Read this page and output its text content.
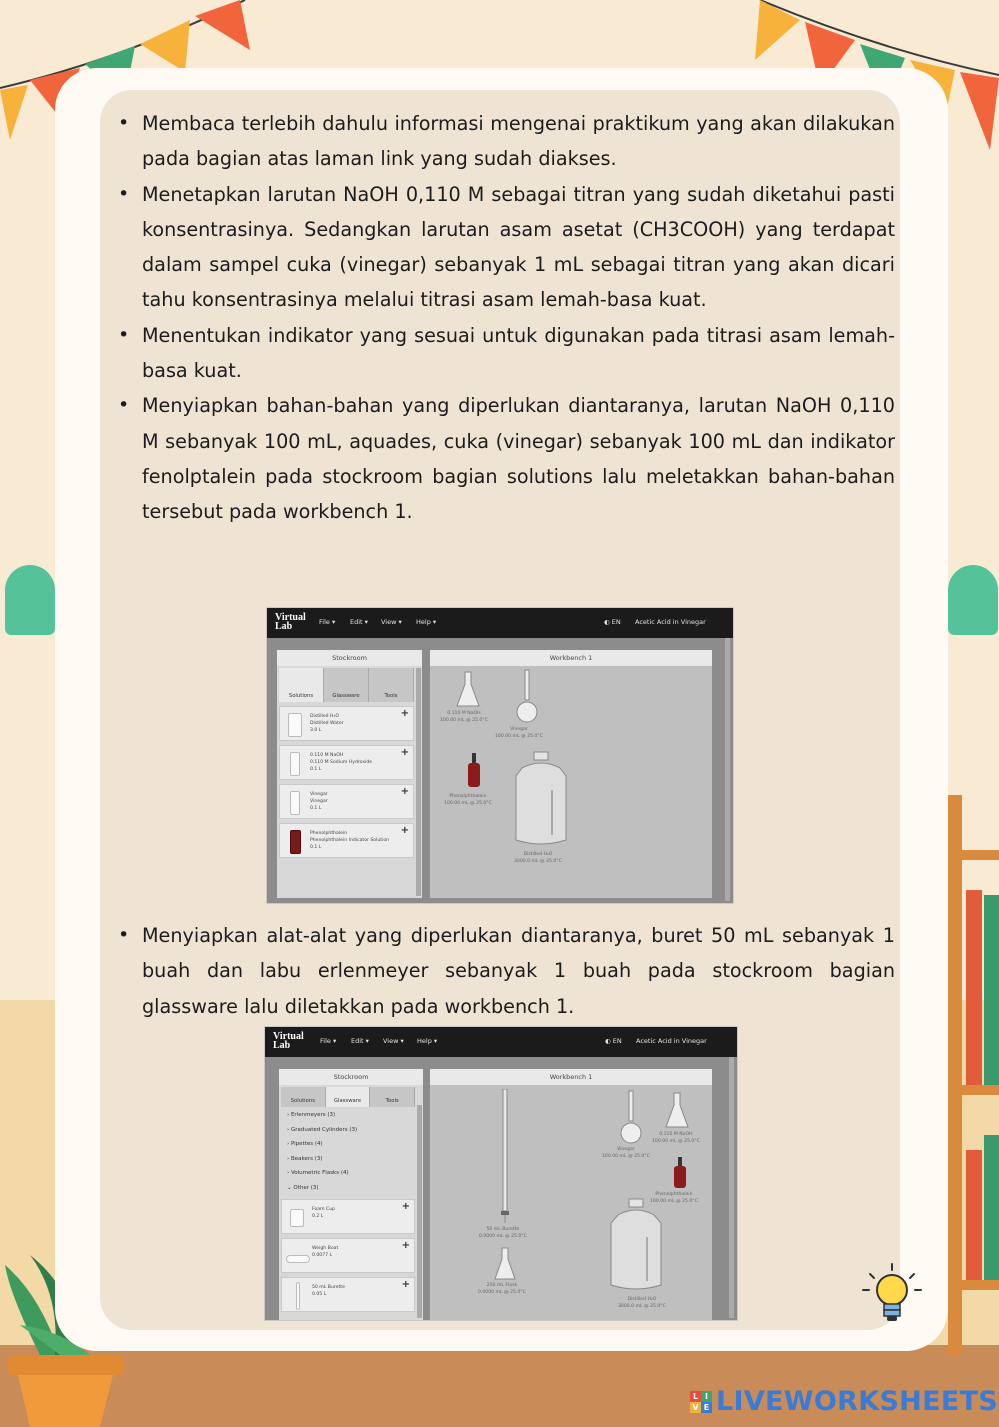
• Membaca terlebih dahulu informasi mengenai praktikum yang akan dilakukan pada bagian atas laman link yang sudah diakses.
• Menetapkan larutan NaOH 0,110 M sebagai titran yang sudah diketahui pasti konsentrasinya. Sedangkan larutan asam asetat (CH3COOH) yang terdapat dalam sampel cuka (vinegar) sebanyak 1 mL sebagai titran yang akan dicari tahu konsentrasinya melalui titrasi asam lemah-basa kuat.
• Menentukan indikator yang sesuai untuk digunakan pada titrasi asam lemah-basa kuat.
• Menyiapkan bahan-bahan yang diperlukan diantaranya, larutan NaOH 0,110 M sebanyak 100 mL, aquades, cuka (vinegar) sebanyak 100 mL dan indikator fenolptalein pada stockroom bagian solutions lalu meletakkan bahan-bahan tersebut pada workbench 1.
Virtual
Lab	File ▾ Edit ▾ View ▾ Help ▾	◐ EN Acetic Acid in Vinegar
Stockroom
Solutions	Glassware	Tools
Distilled H₂O
Distilled Water
3.0 L
+
0.110 M NaOH
0.110 M Sodium Hydroxide
0.1 L
+
Vinegar
Vinegar
0.1 L
+
Phenolphthalein
Phenolphthalein Indicator Solution
0.1 L
+
Workbench 1
0.110 M NaOH
100.00 mL @ 25.0°C
Vinegar
100.00 mL @ 25.0°C
Phenolphthalein
100.00 mL @ 25.0°C
Distilled H₂O
3000.0 mL @ 25.0°C
• Menyiapkan alat-alat yang diperlukan diantaranya, buret 50 mL sebanyak 1 buah dan labu erlenmeyer sebanyak 1 buah pada stockroom bagian glassware lalu diletakkan pada workbench 1.
Virtual
Lab	File ▾ Edit ▾ View ▾ Help ▾	◐ EN Acetic Acid in Vinegar
Stockroom
Solutions	Glassware	Tools
› Erlenmeyers (3)
› Graduated Cylinders (3)
› Pipettes (4)
› Beakers (3)
› Volumetric Flasks (4)
⌄ Other (3)
Foam Cup
0.2 L
+
Weigh Boat
0.0077 L
+
50 mL Burette
0.05 L
+
Workbench 1
50 mL Burette
0.0000 mL @ 25.0°C
250 mL Flask
0.0000 mL @ 25.0°C
Vinegar
100.00 mL @ 25.0°C
0.110 M NaOH
100.00 mL @ 25.0°C
Phenolphthalein
100.00 mL @ 25.0°C
Distilled H₂O
3000.0 mL @ 25.0°C
L I
V E LIVEWORKSHEETS
